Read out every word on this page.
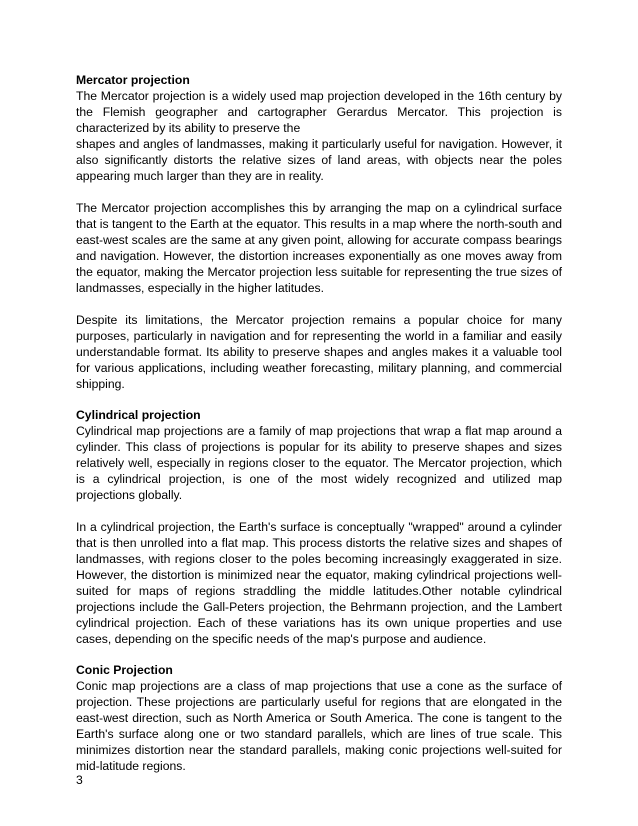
Mercator projection

The Mercator projection is a widely used map projection developed in the 16th century by the Flemish geographer and cartographer Gerardus Mercator. This projection is characterized by its ability to preserve the

shapes and angles of landmasses, making it particularly useful for navigation. However, it also significantly distorts the relative sizes of land areas, with objects near the poles appearing much larger than they are in reality.

The Mercator projection accomplishes this by arranging the map on a cylindrical surface that is tangent to the Earth at the equator. This results in a map where the north-south and east-west scales are the same at any given point, allowing for accurate compass bearings and navigation. However, the distortion increases exponentially as one moves away from the equator, making the Mercator projection less suitable for representing the true sizes of landmasses, especially in the higher latitudes.

Despite its limitations, the Mercator projection remains a popular choice for many purposes, particularly in navigation and for representing the world in a familiar and easily understandable format. Its ability to preserve shapes and angles makes it a valuable tool for various applications, including weather forecasting, military planning, and commercial shipping.

Cylindrical projection

Cylindrical map projections are a family of map projections that wrap a flat map around a cylinder. This class of projections is popular for its ability to preserve shapes and sizes relatively well, especially in regions closer to the equator. The Mercator projection, which is a cylindrical projection, is one of the most widely recognized and utilized map projections globally.

In a cylindrical projection, the Earth's surface is conceptually "wrapped" around a cylinder that is then unrolled into a flat map. This process distorts the relative sizes and shapes of landmasses, with regions closer to the poles becoming increasingly exaggerated in size. However, the distortion is minimized near the equator, making cylindrical projections well-suited for maps of regions straddling the middle latitudes.Other notable cylindrical projections include the Gall-Peters projection, the Behrmann projection, and the Lambert cylindrical projection. Each of these variations has its own unique properties and use cases, depending on the specific needs of the map's purpose and audience.

Conic Projection

Conic map projections are a class of map projections that use a cone as the surface of projection. These projections are particularly useful for regions that are elongated in the east-west direction, such as North America or South America. The cone is tangent to the Earth's surface along one or two standard parallels, which are lines of true scale. This minimizes distortion near the standard parallels, making conic projections well-suited for mid-latitude regions.

3
